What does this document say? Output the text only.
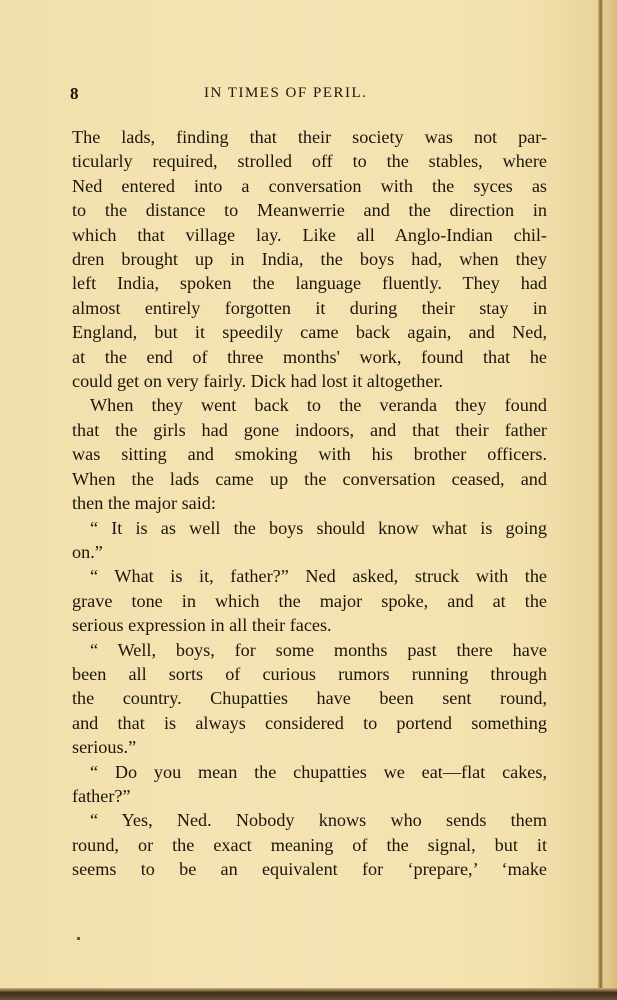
8	IN TIMES OF PERIL.
The lads, finding that their society was not par-
ticularly required, strolled off to the stables, where
Ned entered into a conversation with the syces as
to the distance to Meanwerrie and the direction in
which that village lay. Like all Anglo-Indian chil-
dren brought up in India, the boys had, when they
left India, spoken the language fluently. They had
almost entirely forgotten it during their stay in
England, but it speedily came back again, and Ned,
at the end of three months' work, found that he
could get on very fairly. Dick had lost it altogether.
When they went back to the veranda they found
that the girls had gone indoors, and that their father
was sitting and smoking with his brother officers.
When the lads came up the conversation ceased, and
then the major said:
“ It is as well the boys should know what is going
on.”
“ What is it, father?” Ned asked, struck with the
grave tone in which the major spoke, and at the
serious expression in all their faces.
“ Well, boys, for some months past there have
been all sorts of curious rumors running through
the country. Chupatties have been sent round,
and that is always considered to portend something
serious.”
“ Do you mean the chupatties we eat—flat cakes,
father?”
“ Yes, Ned. Nobody knows who sends them
round, or the exact meaning of the signal, but it
seems to be an equivalent for ‘prepare,’ ‘make
